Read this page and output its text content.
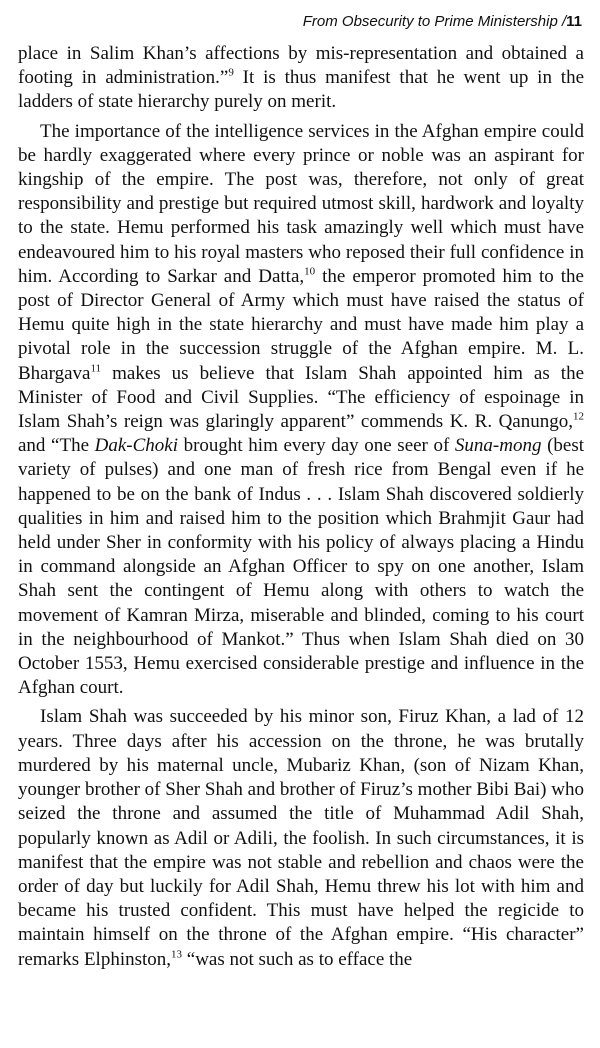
From Obsecurity to Prime Ministership /11

place in Salim Khan’s affections by mis-representation and obtained a footing in administration.”$^9$ It is thus manifest that he went up in the ladders of state hierarchy purely on merit.

The importance of the intelligence services in the Afghan empire could be hardly exaggerated where every prince or noble was an aspirant for kingship of the empire. The post was, therefore, not only of great responsibility and prestige but required utmost skill, hardwork and loyalty to the state. Hemu performed his task amazingly well which must have endeavoured him to his royal masters who reposed their full confidence in him. According to Sarkar and Datta,$^{10}$ the emperor promoted him to the post of Director General of Army which must have raised the status of Hemu quite high in the state hierarchy and must have made him play a pivotal role in the succession struggle of the Afghan empire. M. L. Bhargava$^{11}$ makes us believe that Islam Shah appointed him as the Minister of Food and Civil Supplies. “The efficiency of espoinage in Islam Shah’s reign was glaringly apparent” commends K. R. Qanungo,$^{12}$ and “The Dak-Choki brought him every day one seer of Suna-mong (best variety of pulses) and one man of fresh rice from Bengal even if he happened to be on the bank of Indus . . . Islam Shah discovered soldierly qualities in him and raised him to the position which Brahmjit Gaur had held under Sher in conformity with his policy of always placing a Hindu in command alongside an Afghan Officer to spy on one another, Islam Shah sent the contingent of Hemu along with others to watch the movement of Kamran Mirza, miserable and blinded, coming to his court in the neighbourhood of Mankot.” Thus when Islam Shah died on 30 October 1553, Hemu exercised considerable prestige and influence in the Afghan court.

Islam Shah was succeeded by his minor son, Firuz Khan, a lad of 12 years. Three days after his accession on the throne, he was brutally murdered by his maternal uncle, Mubariz Khan, (son of Nizam Khan, younger brother of Sher Shah and brother of Firuz’s mother Bibi Bai) who seized the throne and assumed the title of Muhammad Adil Shah, popularly known as Adil or Adili, the foolish. In such circumstances, it is manifest that the empire was not stable and rebellion and chaos were the order of day but luckily for Adil Shah, Hemu threw his lot with him and became his trusted confident. This must have helped the regicide to maintain himself on the throne of the Afghan empire. “His character” remarks Elphinston,$^{13}$ “was not such as to efface the
